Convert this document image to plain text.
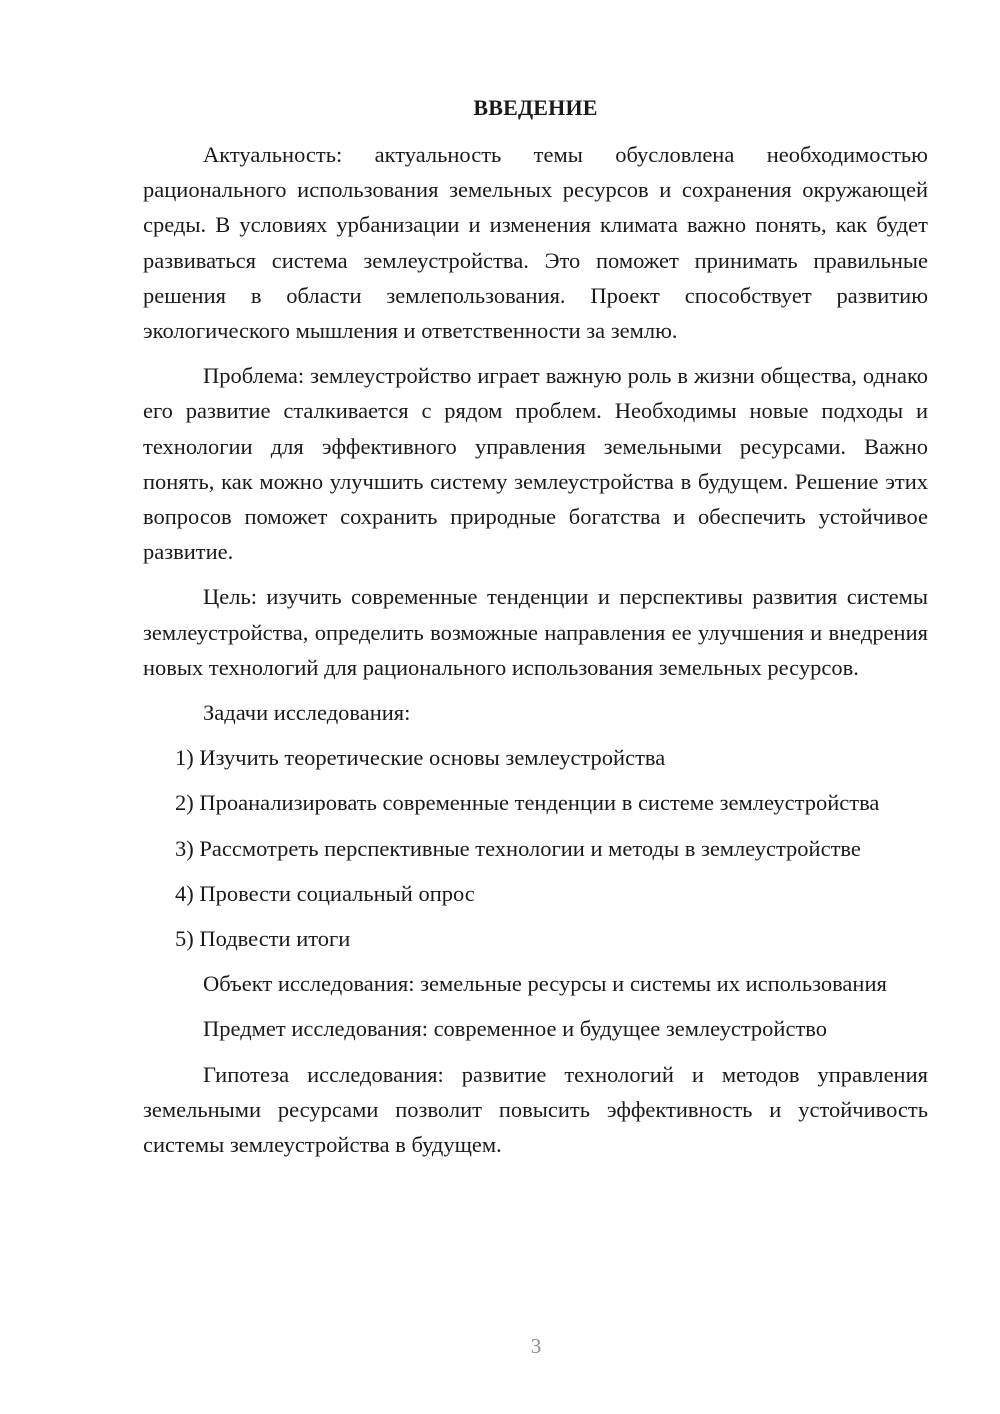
ВВЕДЕНИЕ

Актуальность: актуальность темы обусловлена необходимостью рационального использования земельных ресурсов и сохранения окружающей среды. В условиях урбанизации и изменения климата важно понять, как будет развиваться система землеустройства. Это поможет принимать правильные решения в области землепользования. Проект способствует развитию экологического мышления и ответственности за землю.

Проблема: землеустройство играет важную роль в жизни общества, однако его развитие сталкивается с рядом проблем. Необходимы новые подходы и технологии для эффективного управления земельными ресурсами. Важно понять, как можно улучшить систему землеустройства в будущем. Решение этих вопросов поможет сохранить природные богатства и обеспечить устойчивое развитие.

Цель: изучить современные тенденции и перспективы развития системы землеустройства, определить возможные направления ее улучшения и внедрения новых технологий для рационального использования земельных ресурсов.

Задачи исследования:

1) Изучить теоретические основы землеустройства

2) Проанализировать современные тенденции в системе землеустройства

3) Рассмотреть перспективные технологии и методы в землеустройстве

4) Провести социальный опрос

5) Подвести итоги

Объект исследования: земельные ресурсы и системы их использования

Предмет исследования: современное и будущее землеустройство

Гипотеза исследования: развитие технологий и методов управления земельными ресурсами позволит повысить эффективность и устойчивость системы землеустройства в будущем.

3
